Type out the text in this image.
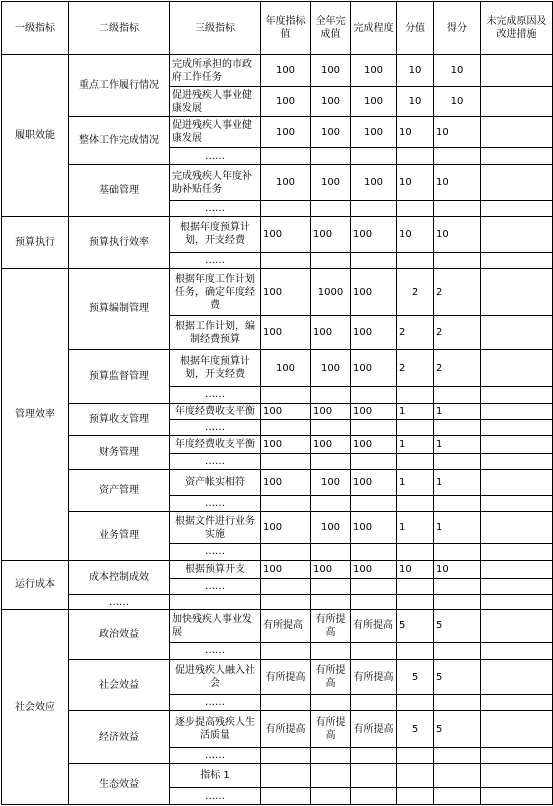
一级指标	二级指标	三级指标	年度指标值	全年完成值	完成程度	分值	得分	未完成原因及改进措施
履职效能	重点工作履行情况	完成所承担的市政府工作任务	100	100	100	10	10	
		促进残疾人事业健康发展	100	100	100	10	10	
	整体工作完成情况	促进残疾人事业健康发展	100	100	100	10	10	
		……						
	基础管理	完成残疾人年度补助补贴任务	100	100	100	10	10	
		……						
预算执行	预算执行效率	根据年度预算计划，开支经费	100	100	100	10	10	
		……						
管理效率	预算编制管理	根据年度工作计划任务，确定年度经费	100	1000	100	2	2	
		根据工作计划，编制经费预算	100	100	100	2	2	
	预算监督管理	根据年度预算计划，开支经费	100	100	100	2	2	
		……						
	预算收支管理	年度经费收支平衡	100	100	100	1	1	
		……						
	财务管理	年度经费收支平衡	100	100	100	1	1	
		……						
	资产管理	资产帐实相符	100	100	100	1	1	
		……						
	业务管理	根据文件进行业务实施	100	100	100	1	1	
		……						
运行成本	成本控制成效	根据预算开支	100	100	100	10	10	
		……						
	……							
社会效应	政治效益	加快残疾人事业发展	有所提高	有所提高	有所提高	5	5	
		……						
	社会效益	促进残疾人融入社会	有所提高	有所提高	有所提高	5	5	
		……						
	经济效益	逐步提高残疾人生活质量	有所提高	有所提高	有所提高	5	5	
		……						
	生态效益	指标 1						
		……						
